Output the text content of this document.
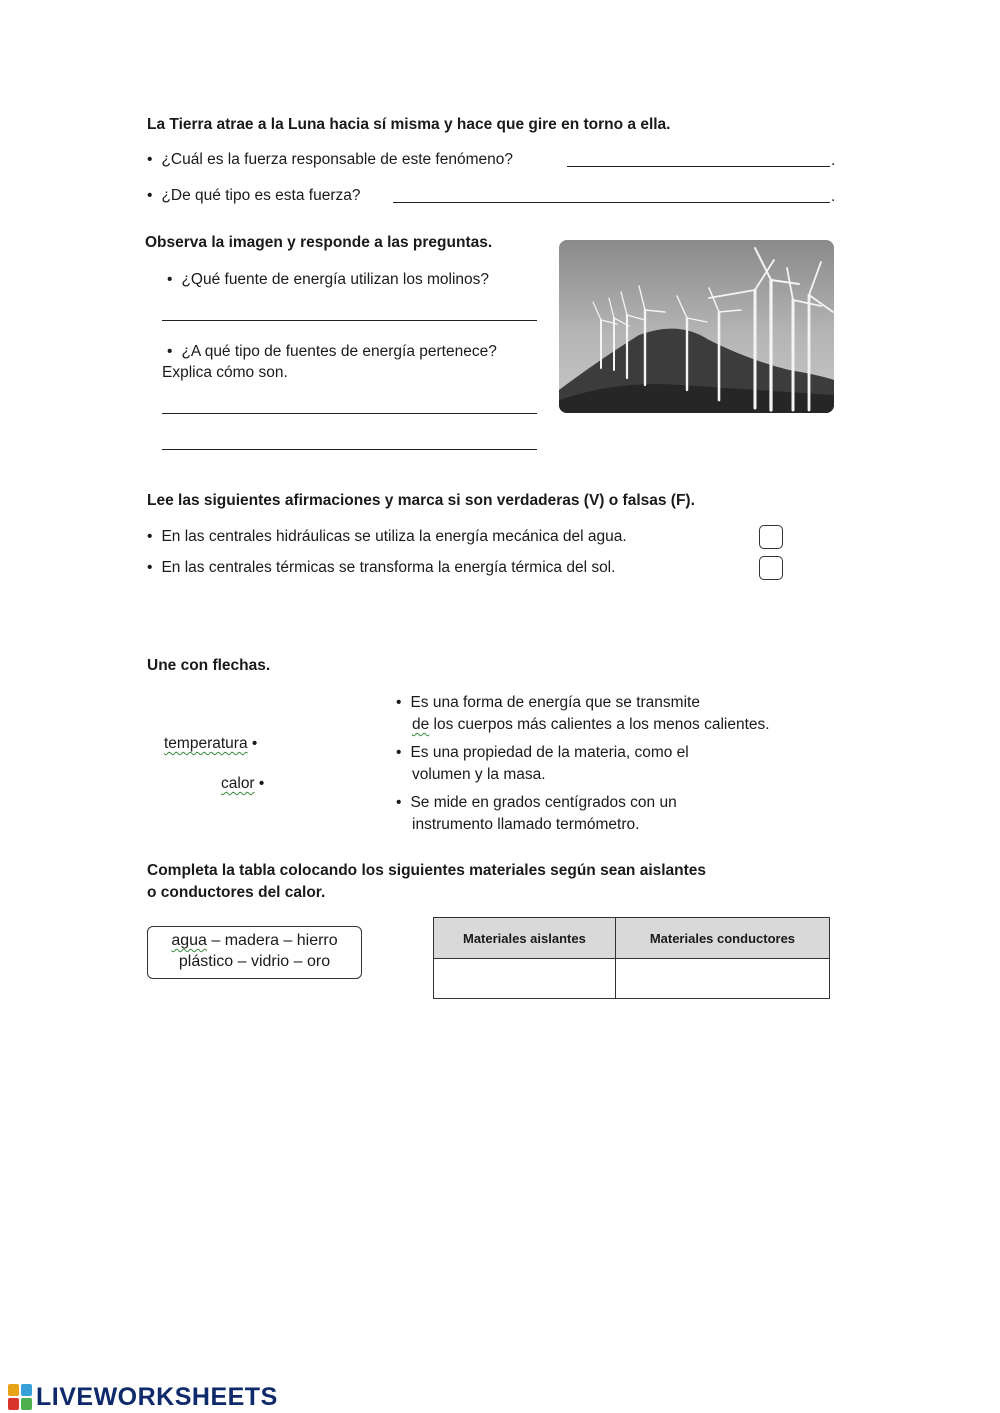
La Tierra atrae a la Luna hacia sí misma y hace que gire en torno a ella.
• ¿Cuál es la fuerza responsable de este fenómeno?	.
• ¿De qué tipo es esta fuerza?	.
Observa la imagen y responde a las preguntas.
• ¿Qué fuente de energía utilizan los molinos?
• ¿A qué tipo de fuentes de energía pertenece?
Explica cómo son.
Lee las siguientes afirmaciones y marca si son verdaderas (V) o falsas (F).
• En las centrales hidráulicas se utiliza la energía mecánica del agua.
• En las centrales térmicas se transforma la energía térmica del sol.
Une con flechas.
temperatura •
calor •
• Es una forma de energía que se transmite
de los cuerpos más calientes a los menos calientes.
• Es una propiedad de la materia, como el
volumen y la masa.
• Se mide en grados centígrados con un
instrumento llamado termómetro.
Completa la tabla colocando los siguientes materiales según sean aislantes
o conductores del calor.
agua – madera – hierro
plástico – vidrio – oro
Materiales aislantes	Materiales conductores

LIVEWORKSHEETS
